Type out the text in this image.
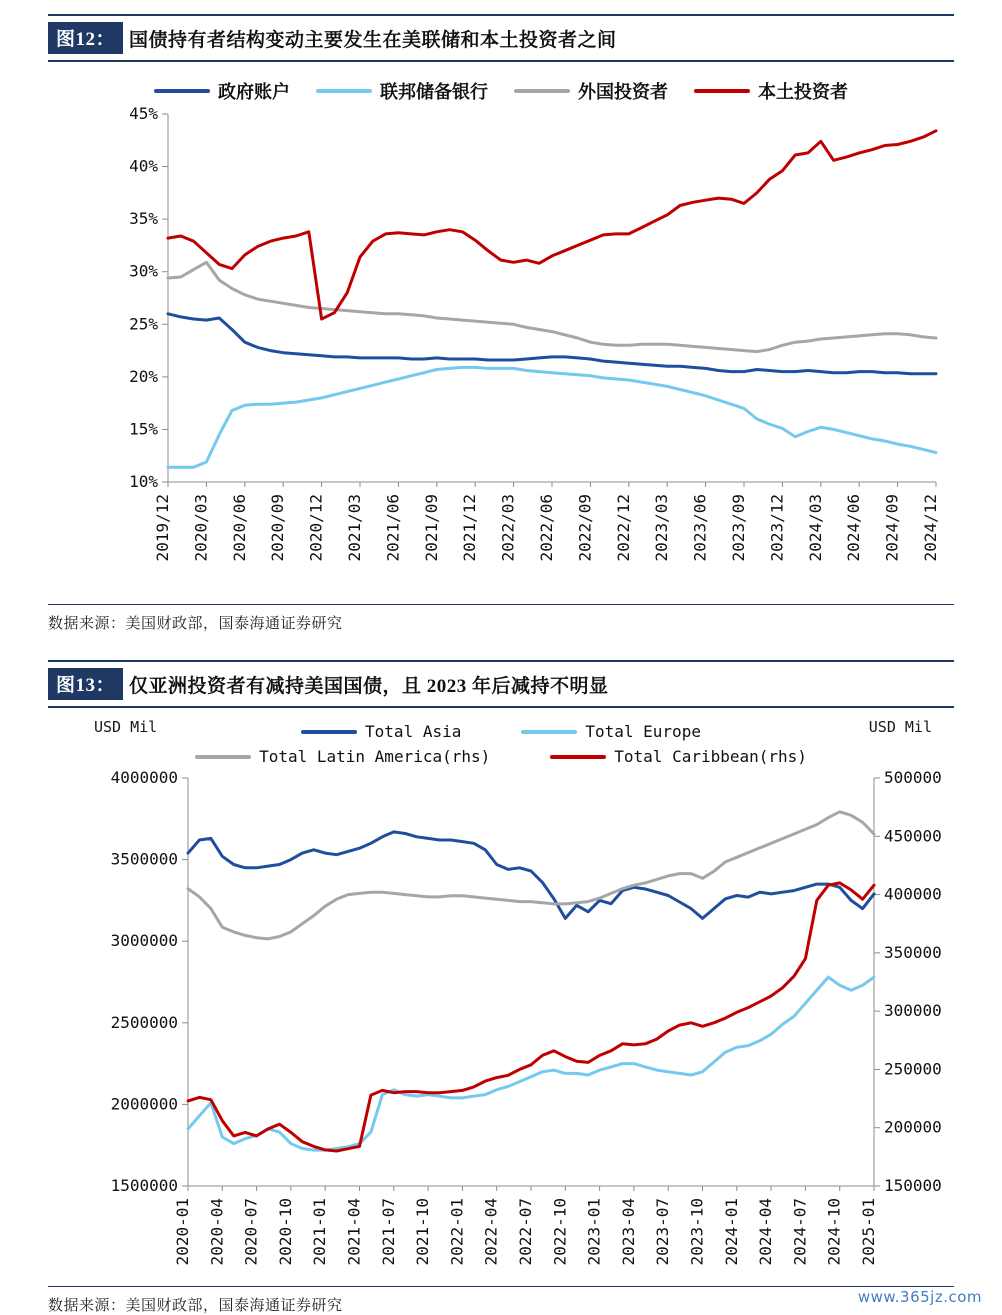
图12： 国债持有者结构变动主要发生在美联储和本土投资者之间
政府账户	联邦储备银行	外国投资者	本土投资者
10%
15%
20%
25%
30%
35%
40%
45%
2019/12 2020/03 2020/06 2020/09 2020/12 2021/03 2021/06 2021/09 2021/12 2022/03 2022/06 2022/09 2022/12 2023/03 2023/06 2023/09 2023/12 2024/03 2024/06 2024/09 2024/12
数据来源：美国财政部，国泰海通证券研究
图13： 仅亚洲投资者有减持美国国债，且 2023 年后减持不明显
Total Asia	Total Europe
Total Latin America(rhs)	Total Caribbean(rhs)
USD Mil	USD Mil
1500000
2000000
2500000
3000000
3500000
4000000
150000
200000
250000
300000
350000
400000
450000
500000
2020-01 2020-04 2020-07 2020-10 2021-01 2021-04 2021-07 2021-10 2022-01 2022-04 2022-07 2022-10 2023-01 2023-04 2023-07 2023-10 2024-01 2024-04 2024-07 2024-10 2025-01
数据来源：美国财政部，国泰海通证券研究	www.365jz.com
